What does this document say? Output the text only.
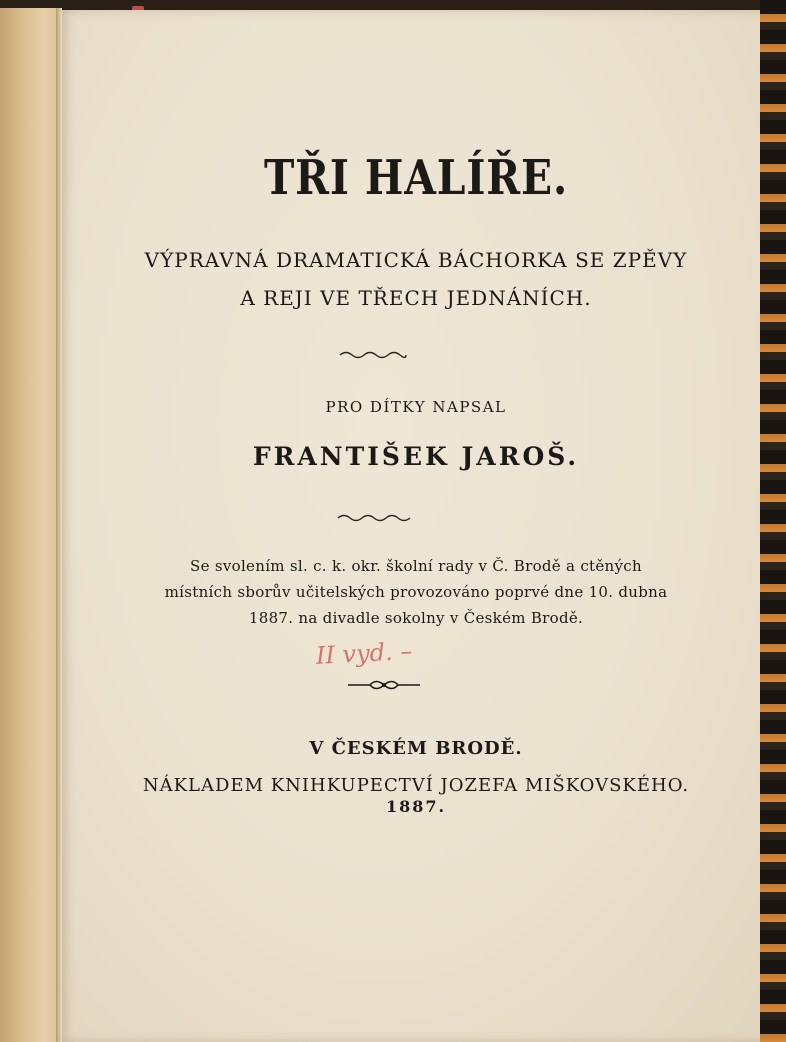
TŘI HALÍŘE.
VÝPRAVNÁ DRAMATICKÁ BÁCHORKA SE ZPĚVY
A REJI VE TŘECH JEDNÁNÍCH.
PRO DÍTKY NAPSAL
FRANTIŠEK JAROŠ.
Se svolením sl. c. k. okr. školní rady v Č. Brodě a ctěných
místních sborův učitelských provozováno poprvé dne 10. dubna
1887. na divadle sokolny v Českém Brodě.
II vyd. –
V ČESKÉM BRODĚ.
NÁKLADEM KNIHKUPECTVÍ JOZEFA MIŠKOVSKÉHO.
1887.
